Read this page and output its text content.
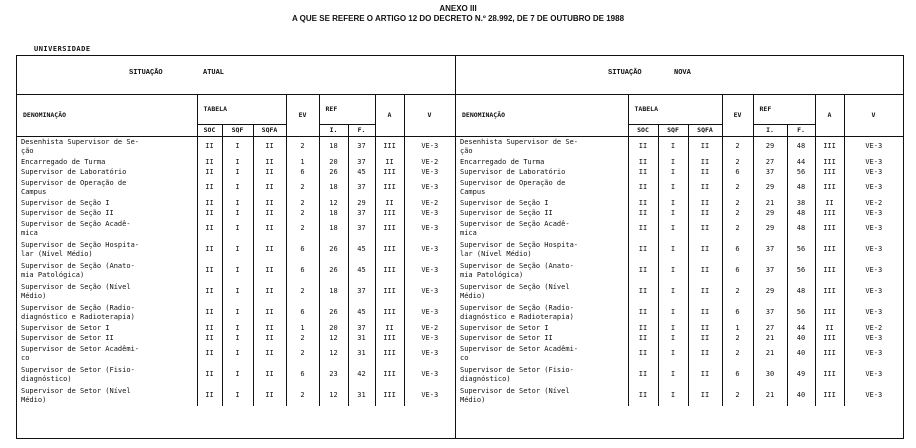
ANEXO III
A QUE SE REFERE O ARTIGO 12 DO DECRETO N.º 28.992, DE 7 DE OUTUBRO DE 1988
UNIVERSIDADE
SITUAÇÃO	ATUAL
DENOMINAÇÃO	TABELA			EV	REF		A	V
	SOC	SQF	SQFA		I.	F.		
Desenhista Supervisor de Se-
ção	II	I	II	2	18	37	III	VE-3
Encarregado de Turma	II	I	II	1	20	37	II	VE-2
Supervisor de Laboratório	II	I	II	6	26	45	III	VE-3
Supervisor de Operação de
Campus	II	I	II	2	18	37	III	VE-3
Supervisor de Seção I	II	I	II	2	12	29	II	VE-2
Supervisor de Seção II	II	I	II	2	18	37	III	VE-3
Supervisor de Seção Acadê-
mica	II	I	II	2	18	37	III	VE-3
Supervisor de Seção Hospita-
lar (Nível Médio)	II	I	II	6	26	45	III	VE-3
Supervisor de Seção (Anato-
mia Patológica)	II	I	II	6	26	45	III	VE-3
Supervisor de Seção (Nível
Médio)	II	I	II	2	18	37	III	VE-3
Supervisor de Seção (Radio-
diagnóstico e Radioterapia)	II	I	II	6	26	45	III	VE-3
Supervisor de Setor I	II	I	II	1	20	37	II	VE-2
Supervisor de Setor II	II	I	II	2	12	31	III	VE-3
Supervisor de Setor Acadêmi-
co	II	I	II	2	12	31	III	VE-3
Supervisor de Setor (Fisio-
diagnóstico)	II	I	II	6	23	42	III	VE-3
Supervisor de Setor (Nível
Médio)	II	I	II	2	12	31	III	VE-3
SITUAÇÃO	NOVA
DENOMINAÇÃO	TABELA			EV	REF		A	V
	SOC	SQF	SQFA		I.	F.		
Desenhista Supervisor de Se-
ção	II	I	II	2	29	48	III	VE-3
Encarregado de Turma	II	I	II	2	27	44	III	VE-3
Supervisor de Laboratório	II	I	II	6	37	56	III	VE-3
Supervisor de Operação de
Campus	II	I	II	2	29	48	III	VE-3
Supervisor de Seção I	II	I	II	2	21	38	II	VE-2
Supervisor de Seção II	II	I	II	2	29	48	III	VE-3
Supervisor de Seção Acadê-
mica	II	I	II	2	29	48	III	VE-3
Supervisor de Seção Hospita-
lar (Nível Médio)	II	I	II	6	37	56	III	VE-3
Supervisor de Seção (Anato-
mia Patológica)	II	I	II	6	37	56	III	VE-3
Supervisor de Seção (Nível
Médio)	II	I	II	2	29	48	III	VE-3
Supervisor de Seção (Radio-
diagnóstico e Radioterapia)	II	I	II	6	37	56	III	VE-3
Supervisor de Setor I	II	I	II	1	27	44	II	VE-2
Supervisor de Setor II	II	I	II	2	21	40	III	VE-3
Supervisor de Setor Acadêmi-
co	II	I	II	2	21	40	III	VE-3
Supervisor de Setor (Fisio-
diagnóstico)	II	I	II	6	30	49	III	VE-3
Supervisor de Setor (Nível
Médio)	II	I	II	2	21	40	III	VE-3
